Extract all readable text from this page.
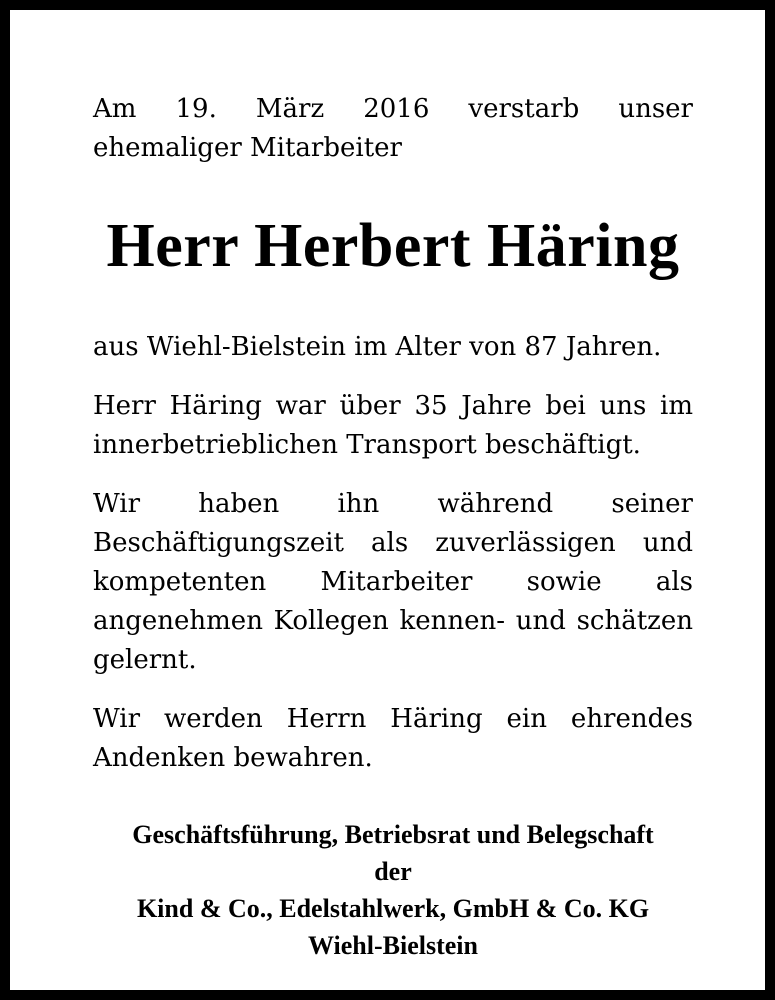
Am 19. März 2016 verstarb unser ehemaliger Mitarbeiter

Herr Herbert Häring

aus Wiehl-Bielstein im Alter von 87 Jahren.

Herr Häring war über 35 Jahre bei uns im innerbetrieblichen Transport beschäftigt.

Wir haben ihn während seiner Beschäftigungszeit als zuverlässigen und kompetenten Mitarbeiter sowie als angenehmen Kollegen kennen- und schätzen gelernt.

Wir werden Herrn Häring ein ehrendes Andenken bewahren.

Geschäftsführung, Betriebsrat und Belegschaft
der
Kind & Co., Edelstahlwerk, GmbH & Co. KG
Wiehl-Bielstein
